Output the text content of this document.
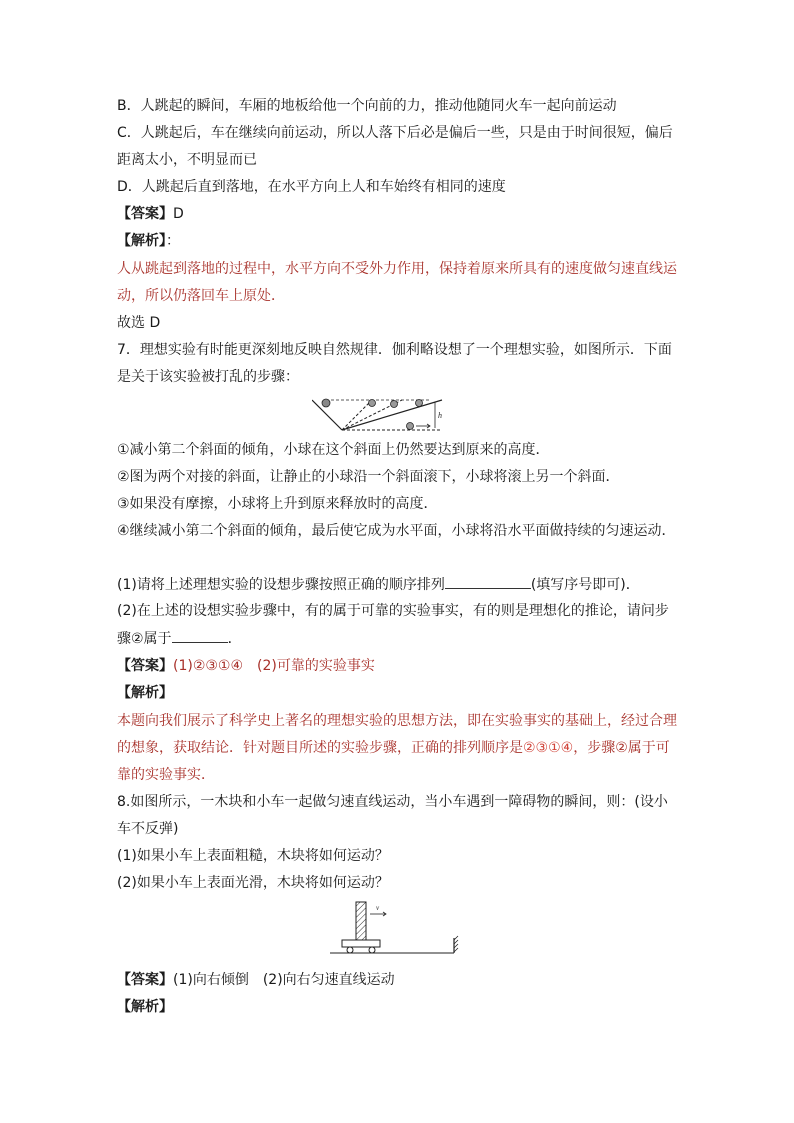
B．人跳起的瞬间，车厢的地板给他一个向前的力，推动他随同火车一起向前运动
C．人跳起后，车在继续向前运动，所以人落下后必是偏后一些，只是由于时间很短，偏后
距离太小，不明显而已
D．人跳起后直到落地，在水平方向上人和车始终有相同的速度
【答案】D
【解析】：
人从跳起到落地的过程中，水平方向不受外力作用，保持着原来所具有的速度做匀速直线运
动，所以仍落回车上原处．
故选 D
7．理想实验有时能更深刻地反映自然规律．伽利略设想了一个理想实验，如图所示．下面
是关于该实验被打乱的步骤：
h
①减小第二个斜面的倾角，小球在这个斜面上仍然要达到原来的高度．
②图为两个对接的斜面，让静止的小球沿一个斜面滚下，小球将滚上另一个斜面．
③如果没有摩擦，小球将上升到原来释放时的高度．
④继续减小第二个斜面的倾角，最后使它成为水平面，小球将沿水平面做持续的匀速运动．
(1)请将上述理想实验的设想步骤按照正确的顺序排列	(填写序号即可)．
(2)在上述的设想实验步骤中，有的属于可靠的实验事实，有的则是理想化的推论，请问步
骤②属于	．
【答案】(1)②③①④　(2)可靠的实验事实
【解析】
本题向我们展示了科学史上著名的理想实验的思想方法，即在实验事实的基础上，经过合理
的想象，获取结论．针对题目所述的实验步骤，正确的排列顺序是②③①④，步骤②属于可
靠的实验事实．
8.如图所示，一木块和小车一起做匀速直线运动，当小车遇到一障碍物的瞬间，则：(设小
车不反弹)
(1)如果小车上表面粗糙，木块将如何运动？
(2)如果小车上表面光滑，木块将如何运动？
v
【答案】(1)向右倾倒　(2)向右匀速直线运动
【解析】
